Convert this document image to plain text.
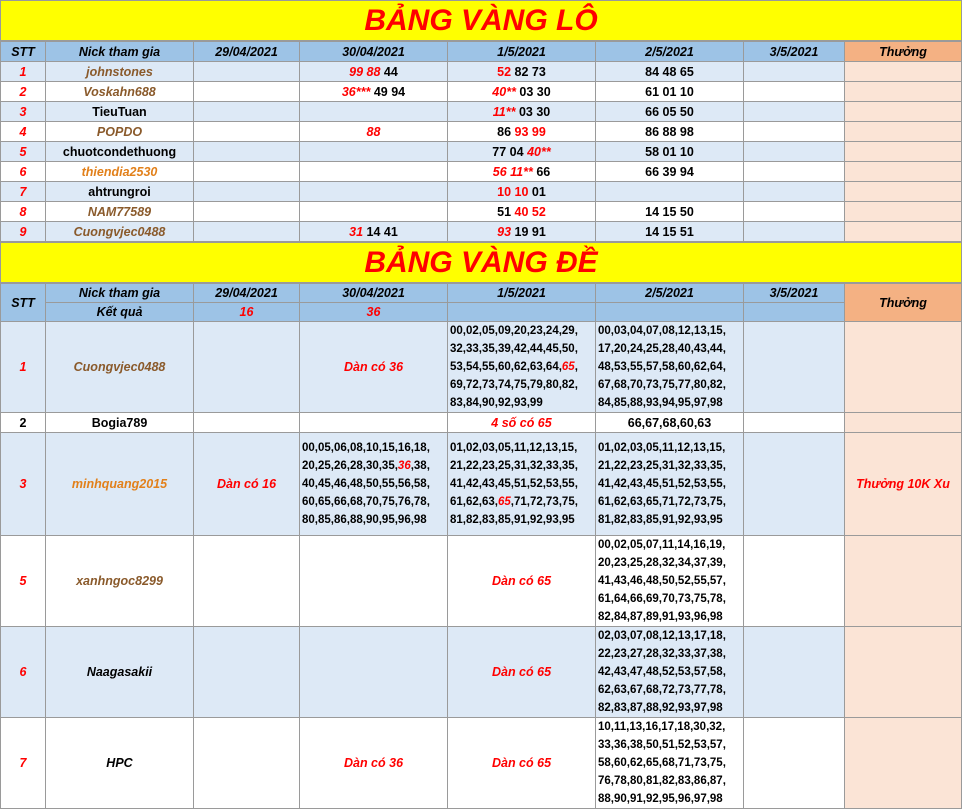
BẢNG VÀNG LÔ
STT	Nick tham gia	29/04/2021	30/04/2021	1/5/2021	2/5/2021	3/5/2021	Thưởng
1	johnstones		99 88 44	52 82 73	84 48 65		
2	Voskahn688		36*** 49 94	40** 03 30	61 01 10		
3	TieuTuan			11** 03 30	66 05 50		
4	POPDO		88	86 93 99	86 88 98		
5	chuotcondethuong			77 04 40**	58 01 10		
6	thiendia2530			56 11** 66	66 39 94		
7	ahtrungroi			10 10 01			
8	NAM77589			51 40 52	14 15 50		
9	Cuongvjec0488		31 14 41	93 19 91	14 15 51		
BẢNG VÀNG ĐỀ
STT	Nick tham gia	29/04/2021	30/04/2021	1/5/2021	2/5/2021	3/5/2021	Thưởng
	Kết quả	16	36				
1	Cuongvjec0488		Dàn có 36	00,02,05,09,20,23,24,29,
32,33,35,39,42,44,45,50,
53,54,55,60,62,63,64,65,
69,72,73,74,75,79,80,82,
83,84,90,92,93,99	00,03,04,07,08,12,13,15,
17,20,24,25,28,40,43,44,
48,53,55,57,58,60,62,64,
67,68,70,73,75,77,80,82,
84,85,88,93,94,95,97,98		
2	Bogia789			4 số có 65	66,67,68,60,63		
3	minhquang2015	Dàn có 16	00,05,06,08,10,15,16,18,
20,25,26,28,30,35,36,38,
40,45,46,48,50,55,56,58,
60,65,66,68,70,75,76,78,
80,85,86,88,90,95,96,98	01,02,03,05,11,12,13,15,
21,22,23,25,31,32,33,35,
41,42,43,45,51,52,53,55,
61,62,63,65,71,72,73,75,
81,82,83,85,91,92,93,95	01,02,03,05,11,12,13,15,
21,22,23,25,31,32,33,35,
41,42,43,45,51,52,53,55,
61,62,63,65,71,72,73,75,
81,82,83,85,91,92,93,95		Thưởng 10K Xu
5	xanhngoc8299			Dàn có 65	00,02,05,07,11,14,16,19,
20,23,25,28,32,34,37,39,
41,43,46,48,50,52,55,57,
61,64,66,69,70,73,75,78,
82,84,87,89,91,93,96,98		
6	Naagasakii			Dàn có 65	02,03,07,08,12,13,17,18,
22,23,27,28,32,33,37,38,
42,43,47,48,52,53,57,58,
62,63,67,68,72,73,77,78,
82,83,87,88,92,93,97,98		
7	HPC		Dàn có 36	Dàn có 65	10,11,13,16,17,18,30,32,
33,36,38,50,51,52,53,57,
58,60,62,65,68,71,73,75,
76,78,80,81,82,83,86,87,
88,90,91,92,95,96,97,98		
